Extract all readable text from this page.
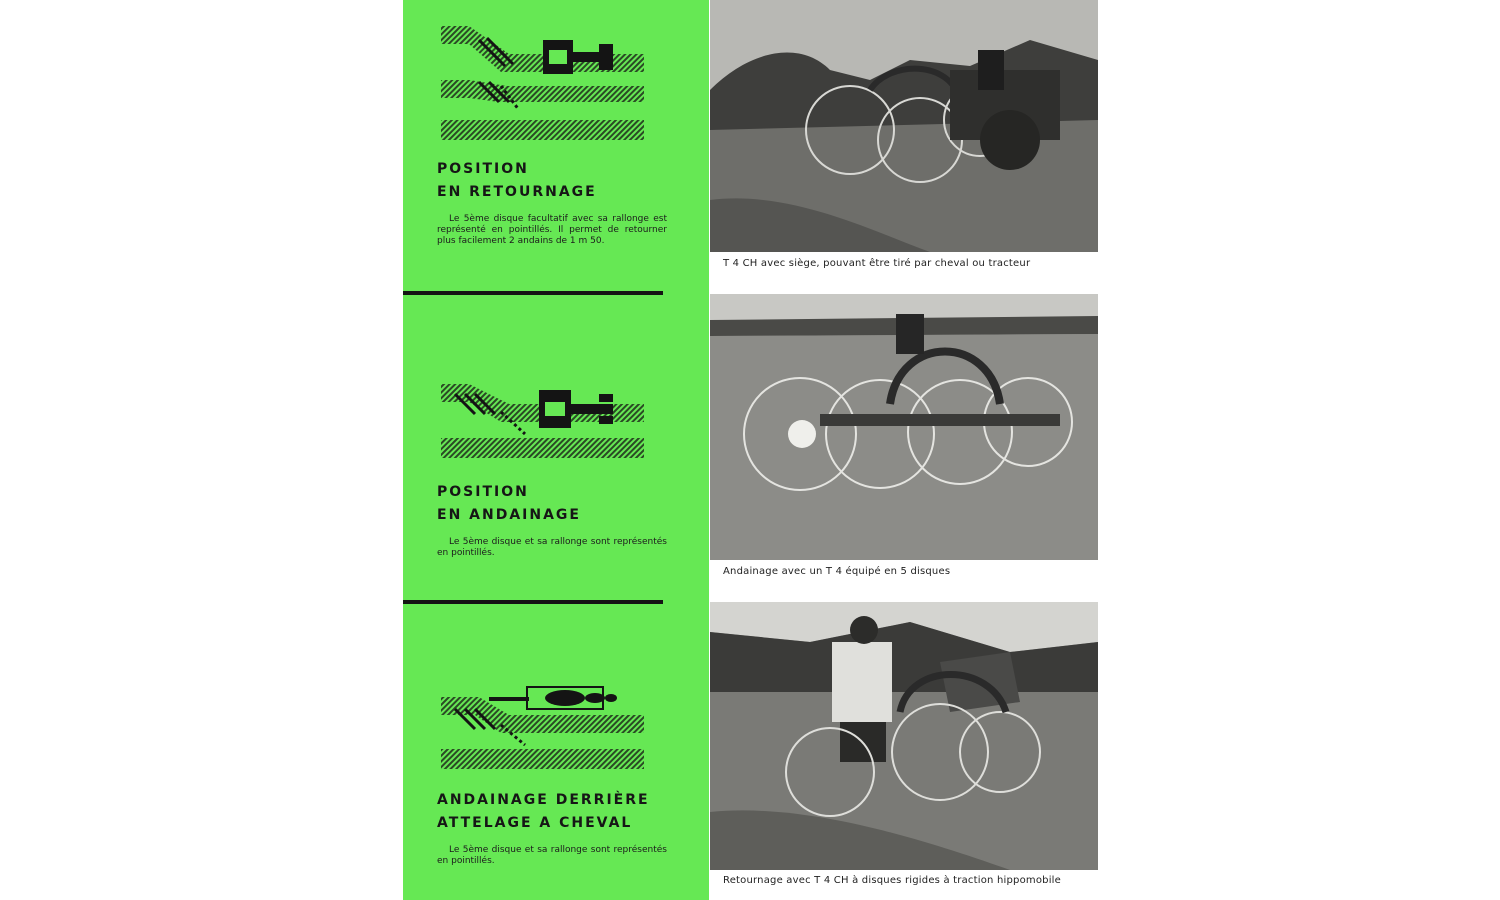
POSITION
EN RETOURNAGE
Le 5ème disque facultatif avec sa rallonge est représenté en pointillés. Il permet de retourner plus facilement 2 andains de 1 m 50.
POSITION
EN ANDAINAGE
Le 5ème disque et sa rallonge sont représentés en pointillés.
ANDAINAGE DERRIÈRE
ATTELAGE A CHEVAL
Le 5ème disque et sa rallonge sont représentés en pointillés.
T 4 CH avec siège, pouvant être tiré par cheval ou tracteur
Andainage avec un T 4 équipé en 5 disques
Retournage avec T 4 CH à disques rigides à traction hippomobile
